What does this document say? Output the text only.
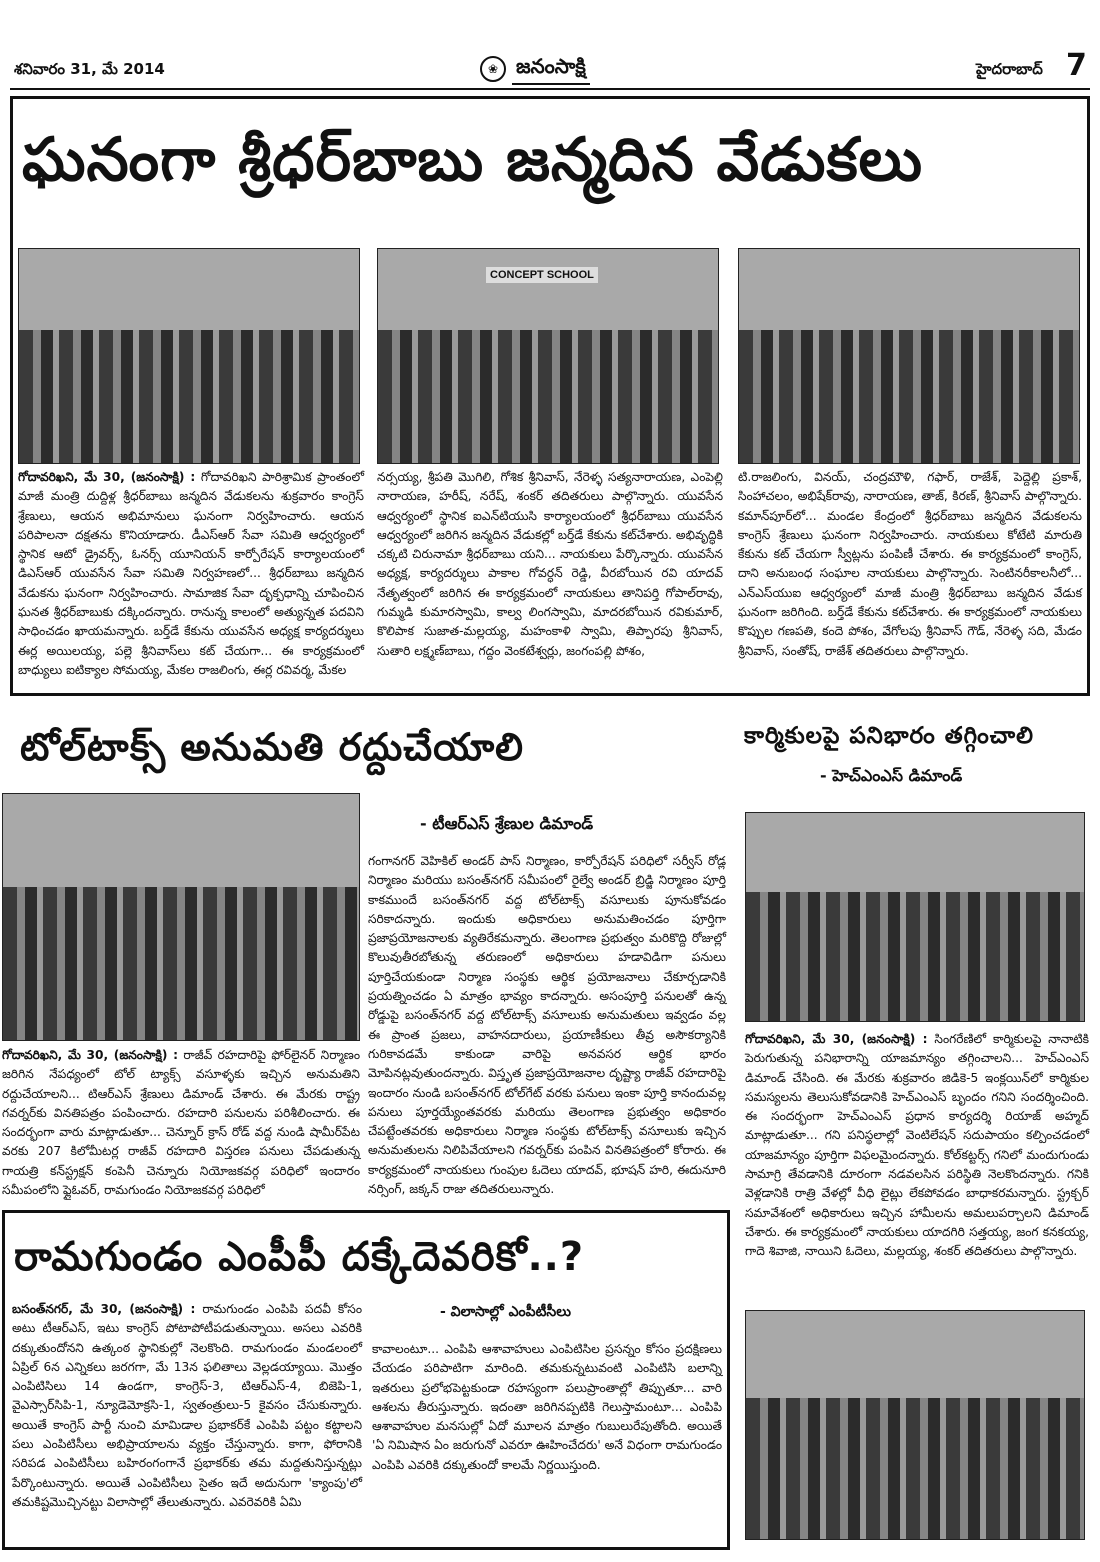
శనివారం 31, మే 2014	❀ జనంసాక్షి	హైదరాబాద్ 7
ఘనంగా శ్రీధర్‌బాబు జన్మదిన వేడుకలు
CONCEPT SCHOOL
గోదావరిఖని, మే 30, (జనంసాక్షి) : గోదావరిఖని పారిశ్రామిక ప్రాంతంలో మాజీ మంత్రి దుద్దిళ్ల శ్రీధర్‌బాబు జన్మదిన వేడుకలను శుక్రవారం కాంగ్రెస్‌ శ్రేణులు, ఆయన అభిమానులు ఘనంగా నిర్వహించారు. ఆయన పరిపాలనా దక్షతను కొనియాడారు. డీఎస్‌ఆర్‌ సేవా సమితి ఆధ్వర్యంలో స్థానిక ఆటో డ్రైవర్స్‌, ఓనర్స్‌ యూనియన్‌ కార్పోరేషన్‌ కార్యాలయంలో డిఎస్‌ఆర్‌ యువసేన సేవా సమితి నిర్వహణలో... శ్రీధర్‌బాబు జన్మదిన వేడుకను ఘనంగా నిర్వహించారు. సామాజిక సేవా దృక్పధాన్ని చూపించిన ఘనత శ్రీధర్‌బాబుకు దక్కిందన్నారు. రానున్న కాలంలో అత్యున్నత పదవిని సాధించడం ఖాయమన్నారు. బర్త్‌డే కేకును యువసేన అధ్యక్ష కార్యదర్శులు ఈర్ల అయిలయ్య, పల్లె శ్రీనివాస్‌లు కట్‌ చేయగా... ఈ కార్యక్రమంలో బాధ్యులు ఐటిక్యాల సోమయ్య, మేకల రాజలింగు, ఈర్ల రవివర్మ, మేకల
నర్సయ్య, శ్రీపతి మొగిలి, గోశిక శ్రీనివాస్‌, నేరెళ్ళ సత్యనారాయణ, ఎంపెల్లి నారాయణ, హరీష్‌, నరేష్‌, శంకర్‌ తదితరులు పాల్గొన్నారు. యువసేన ఆధ్వర్యంలో స్థానిక ఐఎన్‌టియుసి కార్యాలయంలో శ్రీధర్‌బాబు యువసేన ఆధ్వర్యంలో జరిగిన జన్మదిన వేడుకల్లో బర్త్‌డే కేకును కట్‌చేశారు. అభివృద్ధికి చక్కటి చిరునామా శ్రీధర్‌బాబు యని... నాయకులు పేర్కొన్నారు. యువసేన అధ్యక్ష, కార్యదర్శులు పాకాల గోవర్ధన్‌ రెడ్డి, వీరబోయిన రవి యాదవ్‌ నేతృత్వంలో జరిగిన ఈ కార్యక్రమంలో నాయకులు తానిపర్తి గోపాల్‌రావు, గుమ్మడి కుమారస్వామి, కాల్వ లింగస్వామి, మాదరబోయిన రవికుమార్‌, కొలిపాక సుజాత-మల్లయ్య, మహంకాళి స్వామి, తిప్పారపు శ్రీనివాస్‌, సుతారి లక్ష్మణ్‌బాబు, గద్దం వెంకటేశ్వర్లు, జంగంపల్లి పోశం,
టి.రాజలింగు, వినయ్‌, చంద్రమౌళి, గఫార్‌, రాజేశ్‌, పెద్దెల్లి ప్రకాశ్‌, సింహాచలం, అభిషేక్‌రావు, నారాయణ, తాజ్‌, కిరణ్‌, శ్రీనివాస్‌ పాల్గొన్నారు. కమాన్‌పూర్‌లో... మండల కేంద్రంలో శ్రీధర్‌బాబు జన్మదిన వేడుకలను కాంగ్రెస్‌ శ్రేణులు ఘనంగా నిర్వహించారు. నాయకులు కోటేటి మారుతి కేకును కట్‌ చేయగా స్వీట్లను పంపిణీ చేశారు. ఈ కార్యక్రమంలో కాంగ్రెస్‌, దాని అనుబంధ సంఘాల నాయకులు పాల్గొన్నారు. సెంటినరీకాలనీలో... ఎన్‌ఎస్‌యుఐ ఆధ్వర్యంలో మాజీ మంత్రి శ్రీధర్‌బాబు జన్మదిన వేడుక ఘనంగా జరిగింది. బర్త్‌డే కేకును కట్‌చేశారు. ఈ కార్యక్రమంలో నాయకులు కొప్పుల గణపతి, కందె పోశం, వేగోలపు శ్రీనివాస్‌ గౌడ్‌, నేరెళ్ళ సది, మేడం శ్రీనివాస్‌, సంతోష్‌, రాజేశ్‌ తదితరులు పాల్గొన్నారు.
టోల్‌టాక్స్‌ అనుమతి రద్దుచేయాలి
- టీఆర్‌ఎస్‌ శ్రేణుల డిమాండ్‌
గోదావరిఖని, మే 30, (జనంసాక్షి) : రాజీవ్‌ రహదారిపై ఫోర్‌లైనర్‌ నిర్మాణం జరిగిన నేపధ్యంలో టోల్‌ ట్యాక్స్‌ వసూళ్ళకు ఇచ్చిన అనుమతిని రద్దుచేయాలని... టిఆర్‌ఎస్‌ శ్రేణులు డిమాండ్‌ చేశారు. ఈ మేరకు రాష్ట్ర గవర్నర్‌కు వినతిపత్రం పంపించారు. రహదారి పనులను పరిశీలించారు. ఈ సందర్భంగా వారు మాట్లాడుతూ... చెన్నూర్‌ క్రాస్‌ రోడ్‌ వద్ద నుండి షామీర్‌పేట వరకు 207 కిలోమీటర్ల రాజీవ్‌ రహదారి విస్తరణ పనులు చేపడుతున్న గాయత్రి కన్‌స్ట్రక్షన్‌ కంపెనీ చెన్నూరు నియోజకవర్గ పరిధిలో ఇందారం సమీపంలోని ఫ్లైఓవర్‌, రామగుండం నియోజకవర్గ పరిధిలో
గంగానగర్‌ వెహికిల్‌ అండర్‌ పాస్‌ నిర్మాణం, కార్పోరేషన్‌ పరిధిలో సర్వీస్‌ రోడ్ల నిర్మాణం మరియు బసంత్‌నగర్‌ సమీపంలో రైల్వే అండర్‌ బ్రిడ్జి నిర్మాణం పూర్తి కాకముందే బసంత్‌నగర్‌ వద్ద టోల్‌టాక్స్‌ వసూలుకు పూనుకోవడం సరికాదన్నారు. ఇందుకు అధికారులు అనుమతించడం పూర్తిగా ప్రజాప్రయోజనాలకు వ్యతిరేకమన్నారు. తెలంగాణ ప్రభుత్వం మరికొద్ది రోజుల్లో కొలువుతీరబోతున్న తరుణంలో అధికారులు హడావిడిగా పనులు పూర్తిచేయకుండా నిర్మాణ సంస్థకు ఆర్థిక ప్రయోజనాలు చేకూర్చడానికి ప్రయత్నించడం ఏ మాత్రం భావ్యం కాదన్నారు. అసంపూర్తి పనులతో ఉన్న రోడ్డుపై బసంత్‌నగర్‌ వద్ద టోల్‌టాక్స్‌ వసూలుకు అనుమతులు ఇవ్వడం వల్ల ఈ ప్రాంత ప్రజలు, వాహనదారులు, ప్రయాణీకులు తీవ్ర అసౌకర్యానికి గురికావడమే కాకుండా వారిపై అనవసర ఆర్థిక భారం మోపినట్లవుతుందన్నారు. విస్తృత ప్రజాప్రయోజనాల దృష్ట్యా రాజీవ్‌ రహదారిపై ఇందారం నుండి బసంత్‌నగర్‌ టోల్‌గేట్‌ వరకు పనులు ఇంకా పూర్తి కానందువల్ల పనులు పూర్తయ్యేంతవరకు మరియు తెలంగాణ ప్రభుత్వం అధికారం చేపట్టేంతవరకు అధికారులు నిర్మాణ సంస్థకు టోల్‌టాక్స్‌ వసూలుకు ఇచ్చిన అనుమతులను నిలిపివేయాలని గవర్నర్‌కు పంపిన వినతిపత్రంలో కోరారు. ఈ కార్యక్రమంలో నాయకులు గుంపుల ఓదెలు యాదవ్‌, భూషన్‌ హరి, ఈదునూరి నర్సింగ్‌, జక్కన్‌ రాజు తదితరులున్నారు.
కార్మికులపై పనిభారం తగ్గించాలి
- హెచ్‌ఎంఎస్‌ డిమాండ్‌
గోదావరిఖని, మే 30, (జనంసాక్షి) : సింగరేణిలో కార్మికులపై నానాటికి పెరుగుతున్న పనిభారాన్ని యాజమాన్యం తగ్గించాలని... హెచ్‌ఎంఎస్‌ డిమాండ్‌ చేసింది. ఈ మేరకు శుక్రవారం జిడికె-5 ఇంక్లయిన్‌లో కార్మికుల సమస్యలను తెలుసుకోవడానికి హెచ్‌ఎంఎస్‌ బృందం గనిని సందర్శించింది. ఈ సందర్భంగా హెచ్‌ఎంఎస్‌ ప్రధాన కార్యదర్శి రియాజ్‌ అహ్మద్‌ మాట్లాడుతూ... గని పనిస్థలాల్లో వెంటిలేషన్‌ సదుపాయం కల్పించడంలో యాజమాన్యం పూర్తిగా విఫలమైందన్నారు. కోల్‌కట్టర్స్‌ గనిలో మందుగుండు సామాగ్రి తేవడానికి దూరంగా నడవలసిన పరిస్థితి నెలకొందన్నారు. గనికి వెళ్లడానికి రాత్రి వేళల్లో వీధి లైట్లు లేకపోవడం బాధాకరమన్నారు. స్ట్రక్చర్‌ సమావేశంలో అధికారులు ఇచ్చిన హామీలను అమలుపర్చాలని డిమాండ్‌ చేశారు. ఈ కార్యక్రమంలో నాయకులు యాదగిరి సత్తయ్య, జంగ కనకయ్య, గాదె శివాజి, నాయిని ఓదెలు, మల్లయ్య, శంకర్‌ తదితరులు పాల్గొన్నారు.
రామగుండం ఎంపీపీ దక్కేదెవరికో..?
- విలాసాల్లో ఎంపీటీసీలు
బసంత్‌నగర్‌, మే 30, (జనంసాక్షి) : రామగుండం ఎంపిపి పదవీ కోసం అటు టీఆర్‌ఎస్‌, ఇటు కాంగ్రెస్‌ పోటాపోటీపడుతున్నాయి. అసలు ఎవరికి దక్కుతుందోనని ఉత్కంఠ స్థానికుల్లో నెలకొంది. రామగుండం మండలంలో ఏప్రిల్‌ 6న ఎన్నికలు జరగగా, మే 13న ఫలితాలు వెల్లడయ్యాయి. మొత్తం ఎంపిటిసిలు 14 ఉండగా, కాంగ్రెస్‌-3, టిఆర్‌ఎస్‌-4, బిజెపి-1, వైఎస్సార్‌సిపి-1, న్యూడెమోక్రసి-1, స్వతంత్రులు-5 కైవసం చేసుకున్నారు. అయితే కాంగ్రెస్‌ పార్టీ నుంచి మామిడాల ప్రభాకర్‌కే ఎంపిపి పట్టం కట్టాలని పలు ఎంపిటిసీలు అభిప్రాయాలను వ్యక్తం చేస్తున్నారు. కాగా, ఫోరానికి సరిపడ ఎంపిటిసీలు బహిరంగంగానే ప్రభాకర్‌కు తమ మద్దతునిస్తున్నట్లు పేర్కొంటున్నారు. అయితే ఎంపిటిసీలు సైతం ఇదే అదునుగా 'క్యాంపు'లో తమకిష్టమొచ్చినట్టు విలాసాల్లో తేలుతున్నారు. ఎవరెవరికి ఏమి
కావాలంటూ... ఎంపిపి ఆశావాహులు ఎంపిటిసిల ప్రసన్నం కోసం ప్రదక్షిణలు చేయడం పరిపాటిగా మారింది. తమకున్నటువంటి ఎంపిటిసి బలాన్ని ఇతరులు ప్రలోభపెట్టకుండా రహస్యంగా పలుప్రాంతాల్లో తిప్పుతూ... వారి ఆశలను తీరుస్తున్నారు. ఇదంతా జరిగినప్పటికి గెలుస్తామంటూ... ఎంపిపి ఆశావాహుల మనసుల్లో ఏదో మూలన మాత్రం గుబులురేపుతోంది. అయితే 'ఏ నిమిషాన ఏం జరుగునో ఎవరూ ఊహించేదరు' అనే విధంగా రామగుండం ఎంపిపి ఎవరికి దక్కుతుందో కాలమే నిర్ణయిస్తుంది.
